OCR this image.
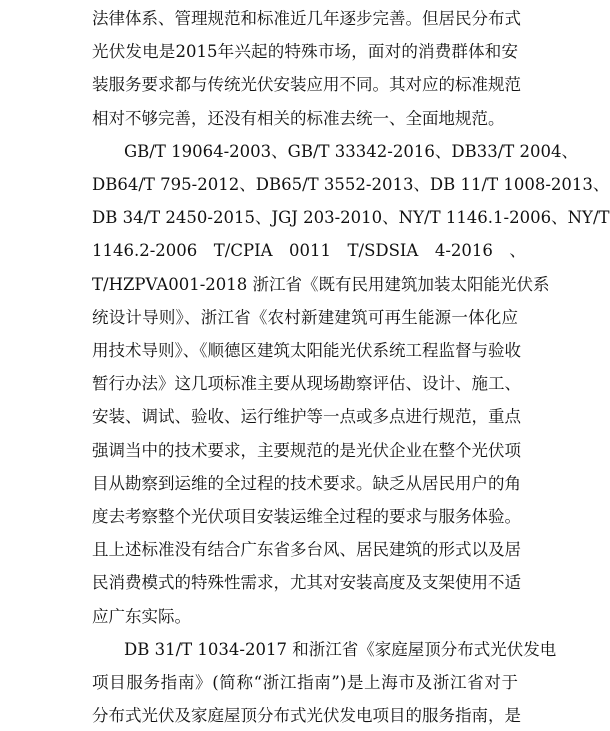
法律体系、管理规范和标准近几年逐步完善。但居民分布式
光伏发电是2015年兴起的特殊市场，面对的消费群体和安
装服务要求都与传统光伏安装应用不同。其对应的标准规范
相对不够完善，还没有相关的标准去统一、全面地规范。
GB/T 19064-2003、GB/T 33342-2016、DB33/T 2004、
DB64/T 795-2012、DB65/T 3552-2013、DB 11/T 1008-2013、
DB 34/T 2450-2015、JGJ 203-2010、NY/T 1146.1-2006、NY/T
1146.2-2006　T/CPIA　0011　T/SDSIA　4-2016　、
T/HZPVA001-2018 浙江省《既有民用建筑加装太阳能光伏系
统设计导则》、浙江省《农村新建建筑可再生能源一体化应
用技术导则》、《顺德区建筑太阳能光伏系统工程监督与验收
暂行办法》这几项标准主要从现场勘察评估、设计、施工、
安装、调试、验收、运行维护等一点或多点进行规范，重点
强调当中的技术要求，主要规范的是光伏企业在整个光伏项
目从勘察到运维的全过程的技术要求。缺乏从居民用户的角
度去考察整个光伏项目安装运维全过程的要求与服务体验。
且上述标准没有结合广东省多台风、居民建筑的形式以及居
民消费模式的特殊性需求，尤其对安装高度及支架使用不适
应广东实际。
DB 31/T 1034-2017 和浙江省《家庭屋顶分布式光伏发电
项目服务指南》(简称“浙江指南”)是上海市及浙江省对于
分布式光伏及家庭屋顶分布式光伏发电项目的服务指南，是
